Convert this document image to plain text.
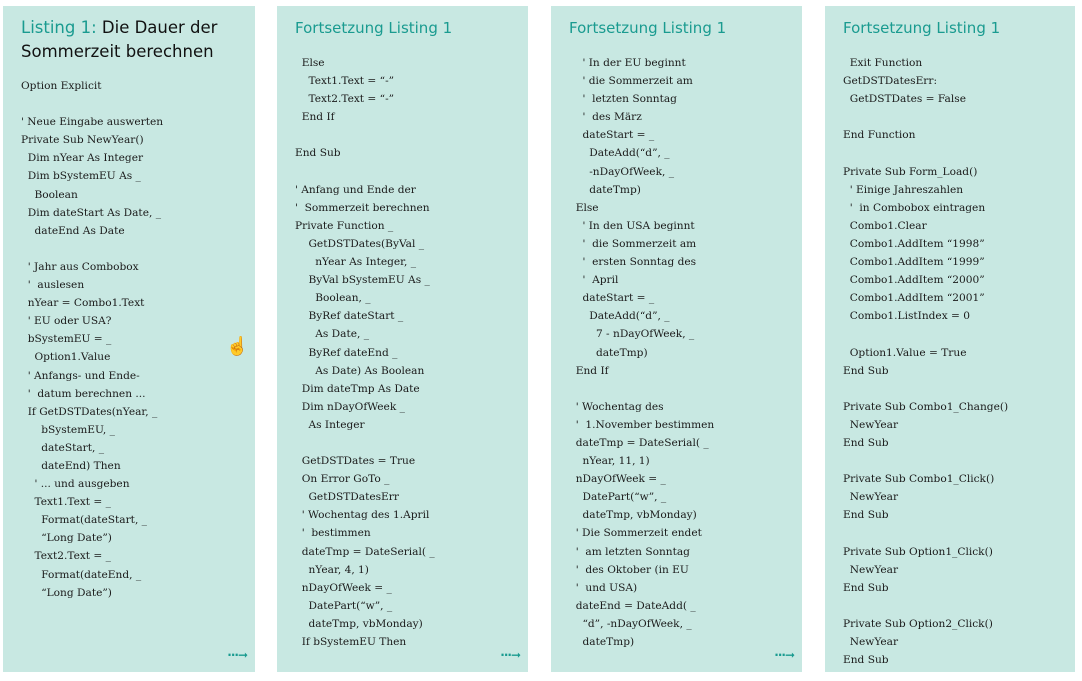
Listing 1: Die Dauer der
Sommerzeit berechnen
Option Explicit

' Neue Eingabe auswerten
Private Sub NewYear()
Dim nYear As Integer
Dim bSystemEU As _
Boolean
Dim dateStart As Date, _
dateEnd As Date

' Jahr aus Combobox
'  auslesen
nYear = Combo1.Text
' EU oder USA?
bSystemEU = _
Option1.Value
' Anfangs- und Ende-
'  datum berechnen ...
If GetDSTDates(nYear, _
bSystemEU, _
dateStart, _
dateEnd) Then
' ... und ausgeben
Text1.Text = _
Format(dateStart, _
“Long Date”)
Text2.Text = _
Format(dateEnd, _
“Long Date”)
···➞
Fortsetzung Listing 1
Else
Text1.Text = “-”
Text2.Text = “-”
End If

End Sub

' Anfang und Ende der
'  Sommerzeit berechnen
Private Function _
GetDSTDates(ByVal _
nYear As Integer, _
ByVal bSystemEU As _
Boolean, _
ByRef dateStart _
As Date, _
ByRef dateEnd _
As Date) As Boolean
Dim dateTmp As Date
Dim nDayOfWeek _
As Integer

GetDSTDates = True
On Error GoTo _
GetDSTDatesErr
' Wochentag des 1.April
'  bestimmen
dateTmp = DateSerial( _
nYear, 4, 1)
nDayOfWeek = _
DatePart(“w”, _
dateTmp, vbMonday)
If bSystemEU Then
···➞
Fortsetzung Listing 1
' In der EU beginnt
' die Sommerzeit am
'  letzten Sonntag
'  des März
dateStart = _
DateAdd(“d”, _
-nDayOfWeek, _
dateTmp)
Else
' In den USA beginnt
'  die Sommerzeit am
'  ersten Sonntag des
'  April
dateStart = _
DateAdd(“d”, _
7 - nDayOfWeek, _
dateTmp)
End If

' Wochentag des
'  1.November bestimmen
dateTmp = DateSerial( _
nYear, 11, 1)
nDayOfWeek = _
DatePart(“w”, _
dateTmp, vbMonday)
' Die Sommerzeit endet
'  am letzten Sonntag
'  des Oktober (in EU
'  und USA)
dateEnd = DateAdd( _
“d”, -nDayOfWeek, _
dateTmp)
···➞
Fortsetzung Listing 1
Exit Function
GetDSTDatesErr:
GetDSTDates = False

End Function

Private Sub Form_Load()
' Einige Jahreszahlen
'  in Combobox eintragen
Combo1.Clear
Combo1.AddItem “1998”
Combo1.AddItem “1999”
Combo1.AddItem “2000”
Combo1.AddItem “2001”
Combo1.ListIndex = 0

Option1.Value = True
End Sub

Private Sub Combo1_Change()
NewYear
End Sub

Private Sub Combo1_Click()
NewYear
End Sub

Private Sub Option1_Click()
NewYear
End Sub

Private Sub Option2_Click()
NewYear
End Sub
☝
